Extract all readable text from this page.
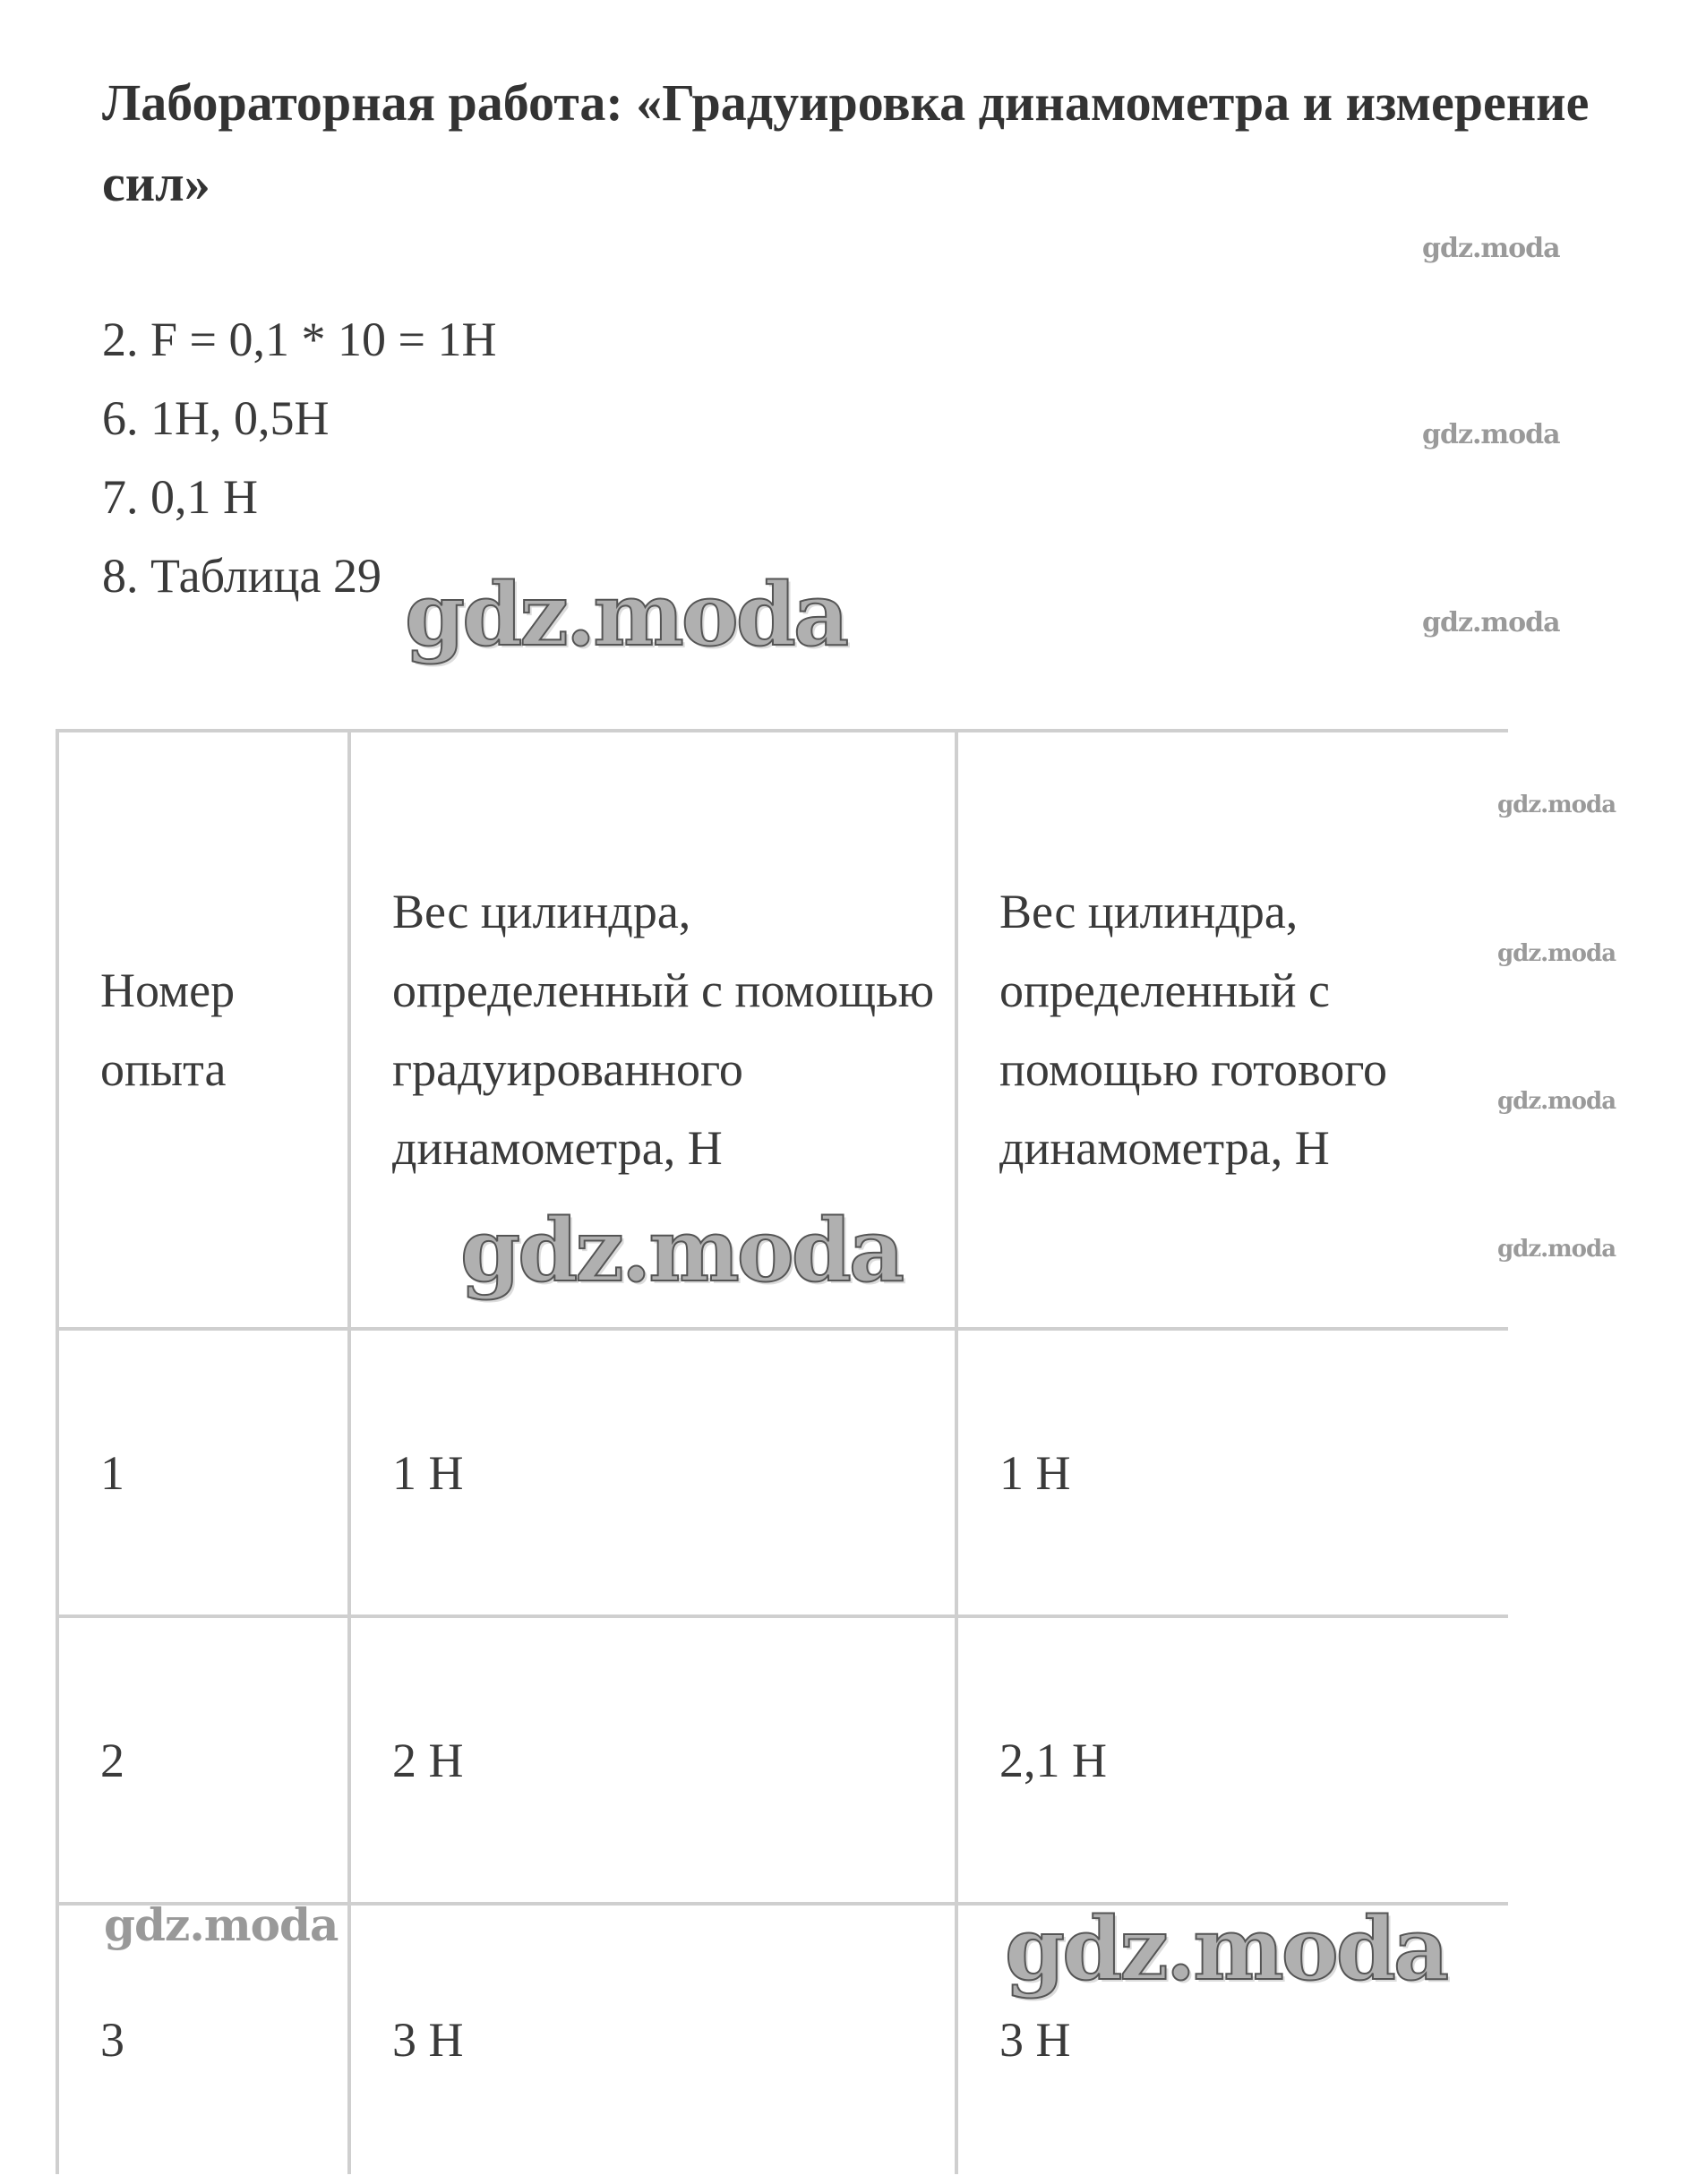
Лабораторная работа: «Градуировка динамометра и измерение сил»
2. F = 0,1 * 10 = 1Н
6. 1Н, 0,5Н
7. 0,1 Н
8. Таблица 29
Номер опыта	Вес цилиндра, определенный с помощью градуированного динамометра, Н	Вес цилиндра, определенный с помощью готового динамометра, Н
1	1 Н	1 Н
2	2 Н	2,1 Н
3	3 Н	3 Н
gdz.moda
gdz.moda
gdz.moda
gdz.moda
gdz.moda
gdz.moda
gdz.moda
gdz.moda
gdz.moda
gdz.moda
gdz.moda
